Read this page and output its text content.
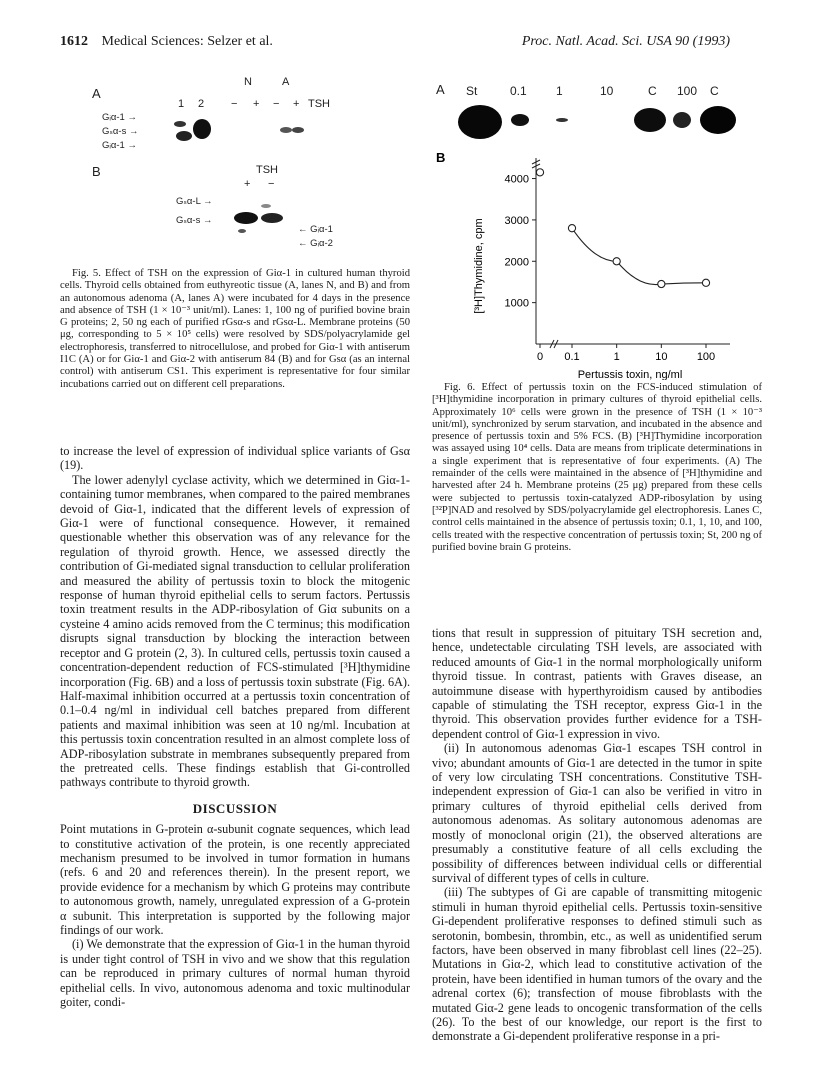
1612 Medical Sciences: Selzer et al.	Proc. Natl. Acad. Sci. USA 90 (1993)
A
1 2
N	A
− + − + TSH
Gᵢα-1 →
Gₛα-s →
Gᵢα-1 →
B	TSH
+ −
Gₛα-L →
Gₛα-s →
← Gᵢα-1
← Gᵢα-2
Fig. 5. Effect of TSH on the expression of Giα-1 in cultured human thyroid cells. Thyroid cells obtained from euthyreotic tissue (A, lanes N, and B) and from an autonomous adenoma (A, lanes A) were incubated for 4 days in the presence and absence of TSH (1 × 10⁻³ unit/ml). Lanes: 1, 100 ng of purified bovine brain G proteins; 2, 50 ng each of purified rGsα-s and rGsα-L. Membrane proteins (50 μg, corresponding to 5 × 10⁵ cells) were resolved by SDS/polyacrylamide gel electrophoresis, transferred to nitrocellulose, and probed for Giα-1 with antiserum I1C (A) or for Giα-1 and Giα-2 with antiserum 84 (B) and for Gsα (as an internal control) with antiserum CS1. This experiment is representative for four similar incubations carried out on different cell preparations.

to increase the level of expression of individual splice variants of Gsα (19).

The lower adenylyl cyclase activity, which we determined in Giα-1-containing tumor membranes, when compared to the paired membranes devoid of Giα-1, indicated that the different levels of expression of Giα-1 were of functional consequence. However, it remained questionable whether this observation was of any relevance for the regulation of thyroid growth. Hence, we assessed directly the contribution of Gi-mediated signal transduction to cellular proliferation and measured the ability of pertussis toxin to block the mitogenic response of human thyroid epithelial cells to serum factors. Pertussis toxin treatment results in the ADP-ribosylation of Giα subunits on a cysteine 4 amino acids removed from the C terminus; this modification disrupts signal transduction by blocking the interaction between receptor and G protein (2, 3). In cultured cells, pertussis toxin caused a concentration-dependent reduction of FCS-stimulated [³H]thymidine incorporation (Fig. 6B) and a loss of pertussis toxin substrate (Fig. 6A). Half-maximal inhibition occurred at a pertussis toxin concentration of 0.1–0.4 ng/ml in individual cell batches prepared from different patients and maximal inhibition was seen at 10 ng/ml. Incubation at this pertussis toxin concentration resulted in an almost complete loss of ADP-ribosylation substrate in membranes subsequently prepared from the pretreated cells. These findings establish that Gi-controlled pathways contribute to thyroid growth.

DISCUSSION

Point mutations in G-protein α-subunit cognate sequences, which lead to constitutive activation of the protein, is one recently appreciated mechanism presumed to be involved in tumor formation in humans (refs. 6 and 20 and references therein). In the present report, we provide evidence for a mechanism by which G proteins may contribute to autonomous growth, namely, unregulated expression of a G-protein α subunit. This interpretation is supported by the following major findings of our work.

(i) We demonstrate that the expression of Giα-1 in the human thyroid is under tight control of TSH in vivo and we show that this regulation can be reproduced in primary cultures of normal human thyroid epithelial cells. In vivo, autonomous adenoma and toxic multinodular goiter, condi-

A St	0.1 1	10	C 100 C
B
[³H]Thymidine, cpm
Pertussis toxin, ng/ml
1000
2000
3000
4000
0 0.1	1	10	100
Fig. 6. Effect of pertussis toxin on the FCS-induced stimulation of [³H]thymidine incorporation in primary cultures of thyroid epithelial cells. Approximately 10⁶ cells were grown in the presence of TSH (1 × 10⁻³ unit/ml), synchronized by serum starvation, and incubated in the absence and presence of pertussis toxin and 5% FCS. (B) [³H]Thymidine incorporation was assayed using 10⁴ cells. Data are means from triplicate determinations in a single experiment that is representative of four experiments. (A) The remainder of the cells were maintained in the absence of [³H]thymidine and harvested after 24 h. Membrane proteins (25 μg) prepared from these cells were subjected to pertussis toxin-catalyzed ADP-ribosylation by using [³²P]NAD and resolved by SDS/polyacrylamide gel electrophoresis. Lanes C, control cells maintained in the absence of pertussis toxin; 0.1, 1, 10, and 100, cells treated with the respective concentration of pertussis toxin; St, 200 ng of purified bovine brain G proteins.

tions that result in suppression of pituitary TSH secretion and, hence, undetectable circulating TSH levels, are associated with reduced amounts of Giα-1 in the normal morphologically uniform thyroid tissue. In contrast, patients with Graves disease, an autoimmune disease with hyperthyroidism caused by antibodies capable of stimulating the TSH receptor, express Giα-1 in the thyroid. This observation provides further evidence for a TSH-dependent control of Giα-1 expression in vivo.

(ii) In autonomous adenomas Giα-1 escapes TSH control in vivo; abundant amounts of Giα-1 are detected in the tumor in spite of very low circulating TSH concentrations. Constitutive TSH-independent expression of Giα-1 can also be verified in vitro in primary cultures of thyroid epithelial cells derived from autonomous adenomas. As solitary autonomous adenomas are mostly of monoclonal origin (21), the observed alterations are presumably a constitutive feature of all cells excluding the possibility of differences between individual cells or differential survival of different types of cells in culture.

(iii) The subtypes of Gi are capable of transmitting mitogenic stimuli in human thyroid epithelial cells. Pertussis toxin-sensitive Gi-dependent proliferative responses to defined stimuli such as serotonin, bombesin, thrombin, etc., as well as unidentified serum factors, have been observed in many fibroblast cell lines (22–25). Mutations in Giα-2, which lead to constitutive activation of the protein, have been identified in human tumors of the ovary and the adrenal cortex (6); transfection of mouse fibroblasts with the mutated Giα-2 gene leads to oncogenic transformation of the cells (26). To the best of our knowledge, our report is the first to demonstrate a Gi-dependent proliferative response in a pri-
